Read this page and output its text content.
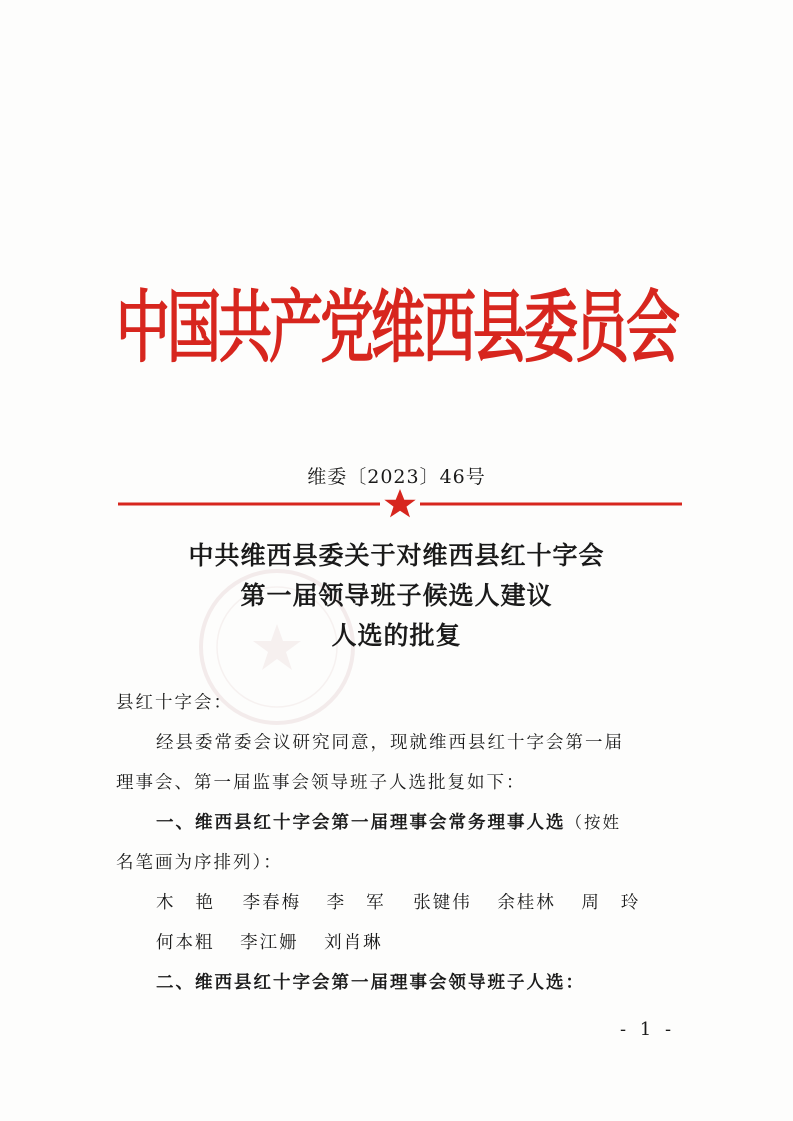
中国共产党维西县委员会
维委〔2023〕46号
中共维西县委关于对维西县红十字会
第一届领导班子候选人建议
人选的批复

县红十字会：

经县委常委会议研究同意，现就维西县红十字会第一届

理事会、第一届监事会领导班子人选批复如下：

一、维西县红十字会第一届理事会常务理事人选（按姓

名笔画为序排列）：

木艳 李春梅 李军 张键伟 余桂林 周玲

何本粗 李江姗 刘肖琳

二、维西县红十字会第一届理事会领导班子人选：

- 1 -
